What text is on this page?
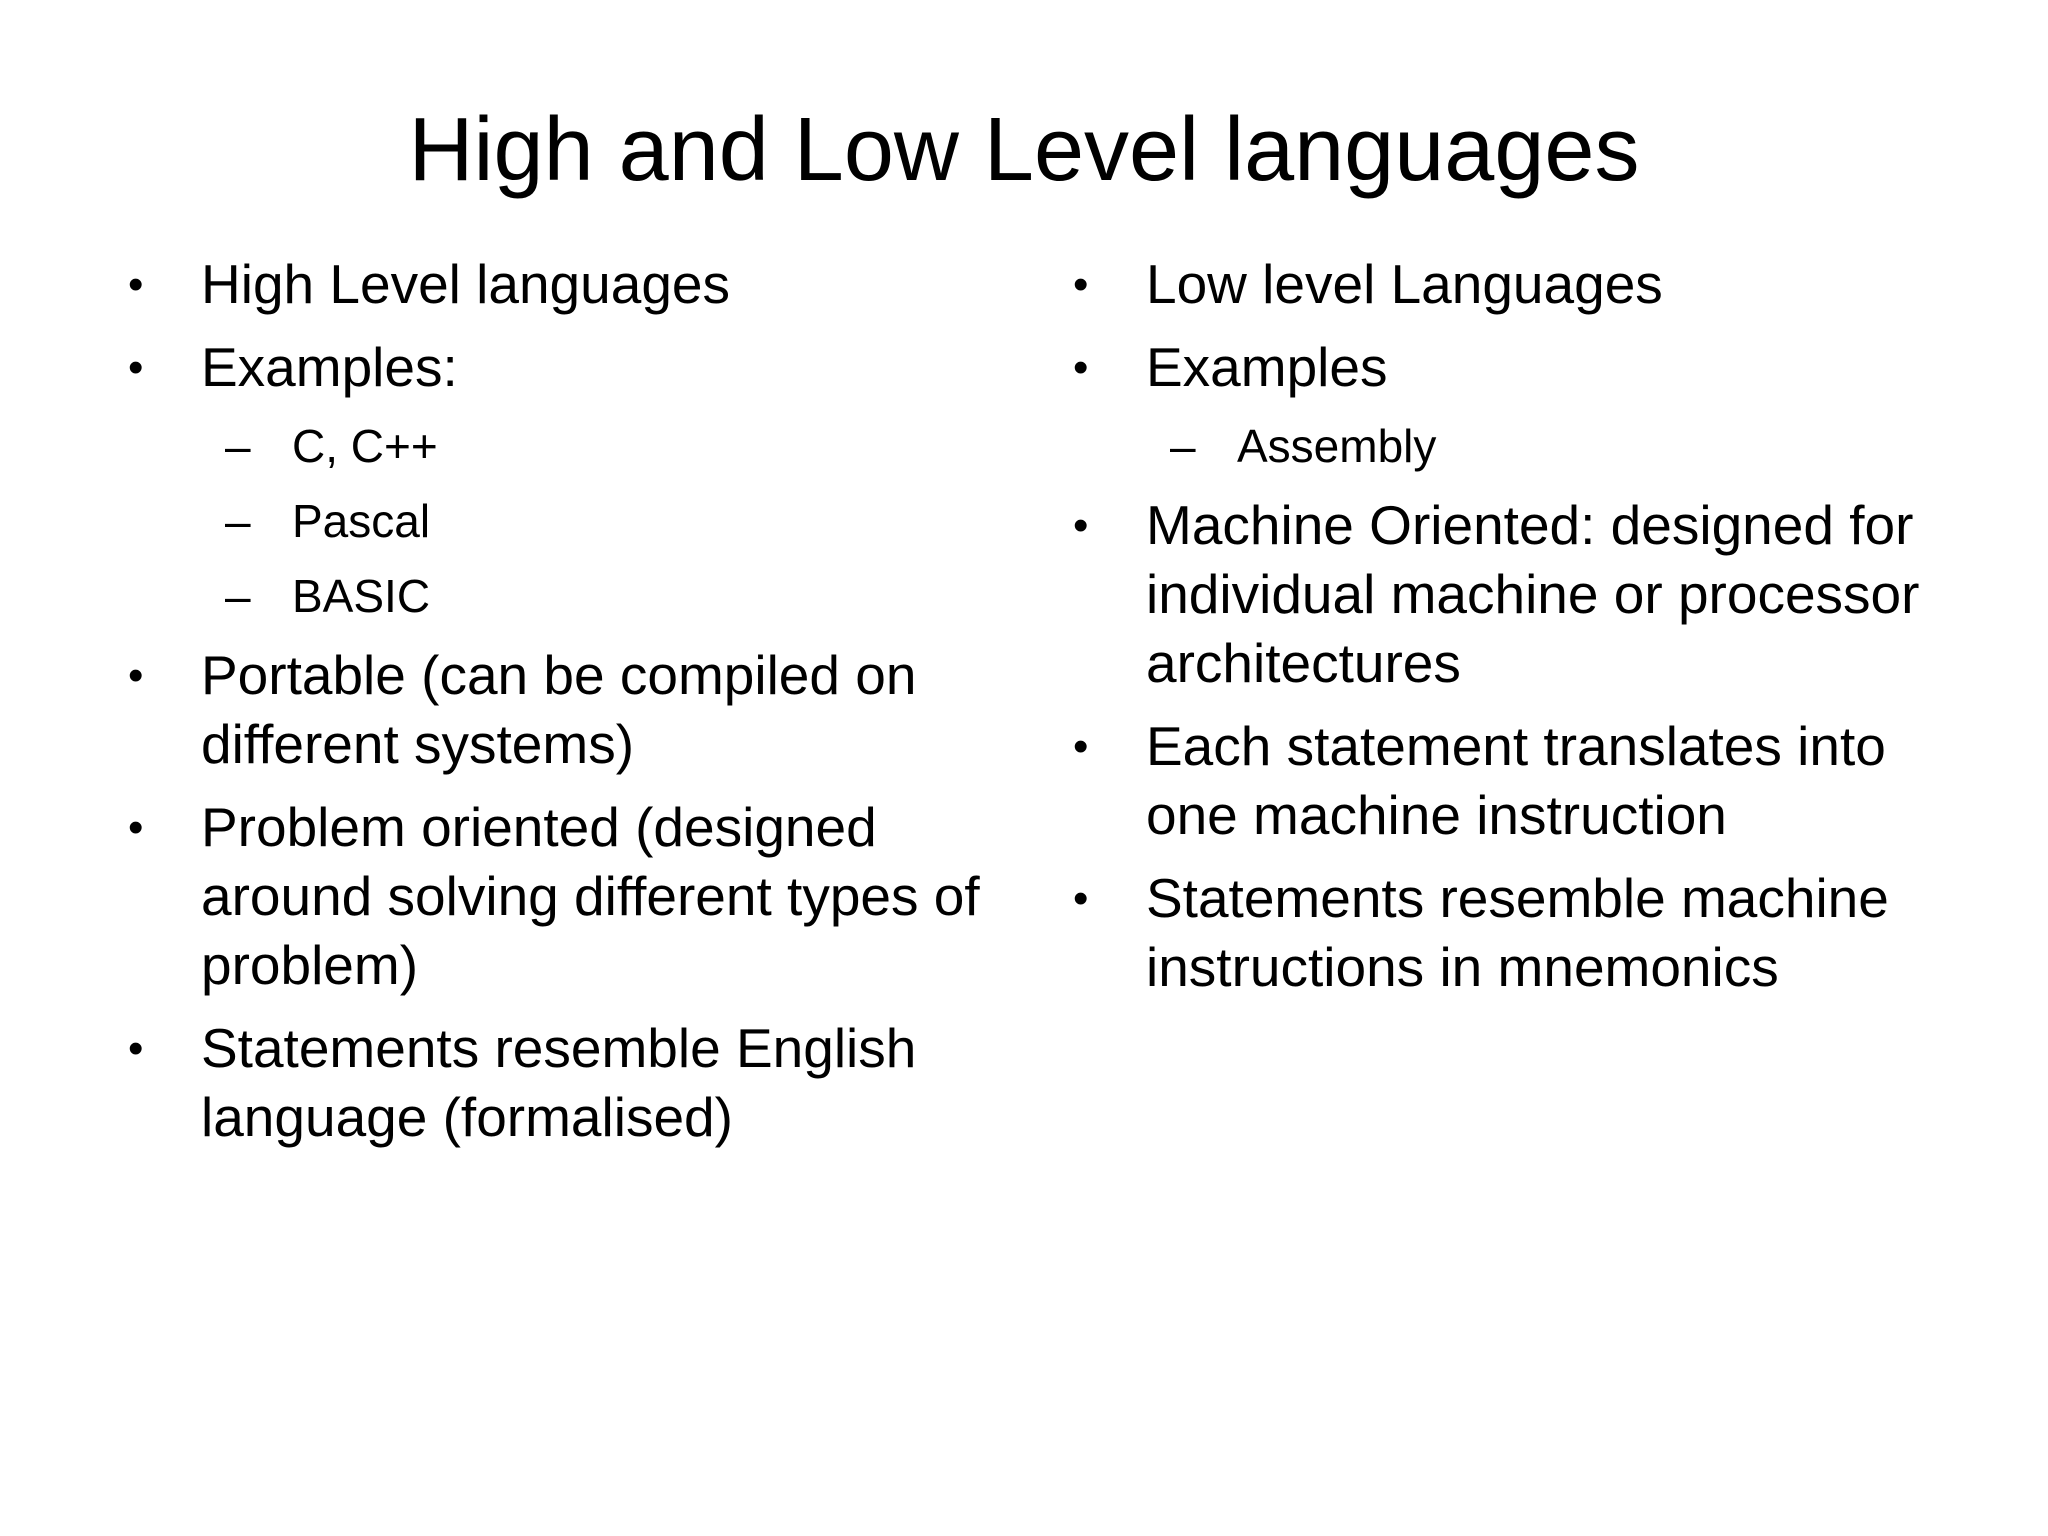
High and Low Level languages
• High Level languages
• Examples:
– C, C++
– Pascal
– BASIC
• Portable (can be compiled on different systems)
• Problem oriented (designed around solving different types of problem)
• Statements resemble English language (formalised)
• Low level Languages
• Examples
– Assembly
• Machine Oriented: designed for individual machine or processor architectures
• Each statement translates into one machine instruction
• Statements resemble machine instructions in mnemonics
